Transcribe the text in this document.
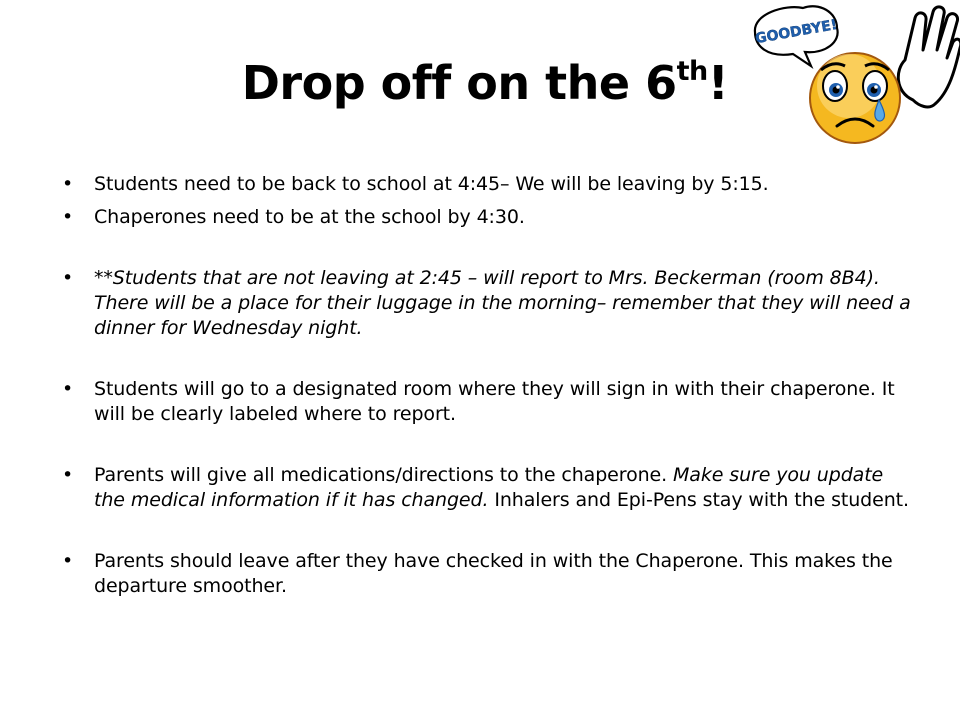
Drop off on the 6th!
GOODBYE!
• Students need to be back to school at 4:45– We will be leaving by 5:15.
• Chaperones need to be at the school by 4:30.
• **Students that are not leaving at 2:45 – will report to Mrs. Beckerman (room 8B4). There will be a place for their luggage in the morning– remember that they will need a dinner for Wednesday night.
• Students will go to a designated room where they will sign in with their chaperone. It will be clearly labeled where to report.
• Parents will give all medications/directions to the chaperone. Make sure you update the medical information if it has changed. Inhalers and Epi-Pens stay with the student.
• Parents should leave after they have checked in with the Chaperone. This makes the departure smoother.
